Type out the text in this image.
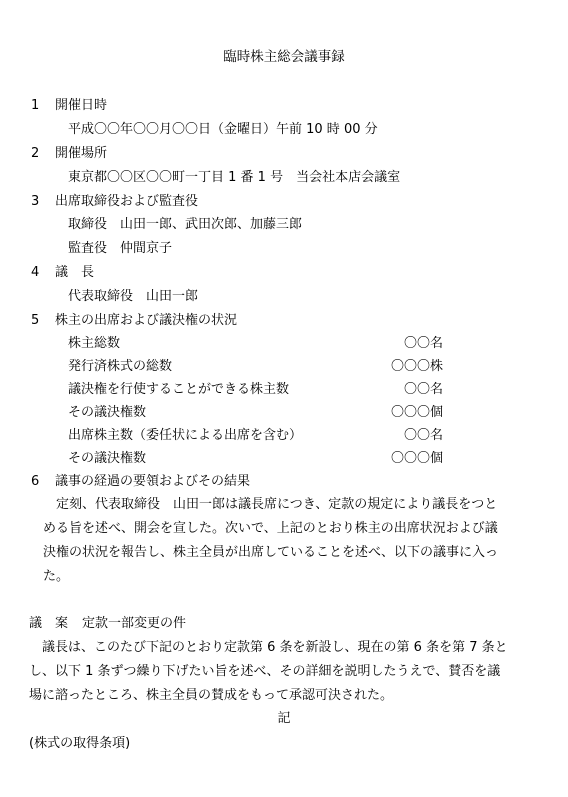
臨時株主総会議事録
1	開催日時
平成〇〇年〇〇月〇〇日（金曜日）午前 10 時 00 分
2	開催場所
東京都〇〇区〇〇町一丁目 1 番 1 号　当会社本店会議室
3	出席取締役および監査役
取締役　山田一郎、武田次郎、加藤三郎
監査役　仲間京子
4	議　長
代表取締役　山田一郎
5	株主の出席および議決権の状況
株主総数	〇〇名
発行済株式の総数	〇〇〇株
議決権を行使することができる株主数	〇〇名
その議決権数	〇〇〇個
出席株主数（委任状による出席を含む）	〇〇名
その議決権数	〇〇〇個
6	議事の経過の要領およびその結果
　定刻、代表取締役　山田一郎は議長席につき、定款の規定により議長をつと
める旨を述べ、開会を宣した。次いで、上記のとおり株主の出席状況および議
決権の状況を報告し、株主全員が出席していることを述べ、以下の議事に入っ
た。
議　案 定款一部変更の件
　議長は、このたび下記のとおり定款第 6 条を新設し、現在の第 6 条を第 7 条と
し、以下 1 条ずつ繰り下げたい旨を述べ、その詳細を説明したうえで、賛否を議
場に諮ったところ、株主全員の賛成をもって承認可決された。
記
(株式の取得条項)
